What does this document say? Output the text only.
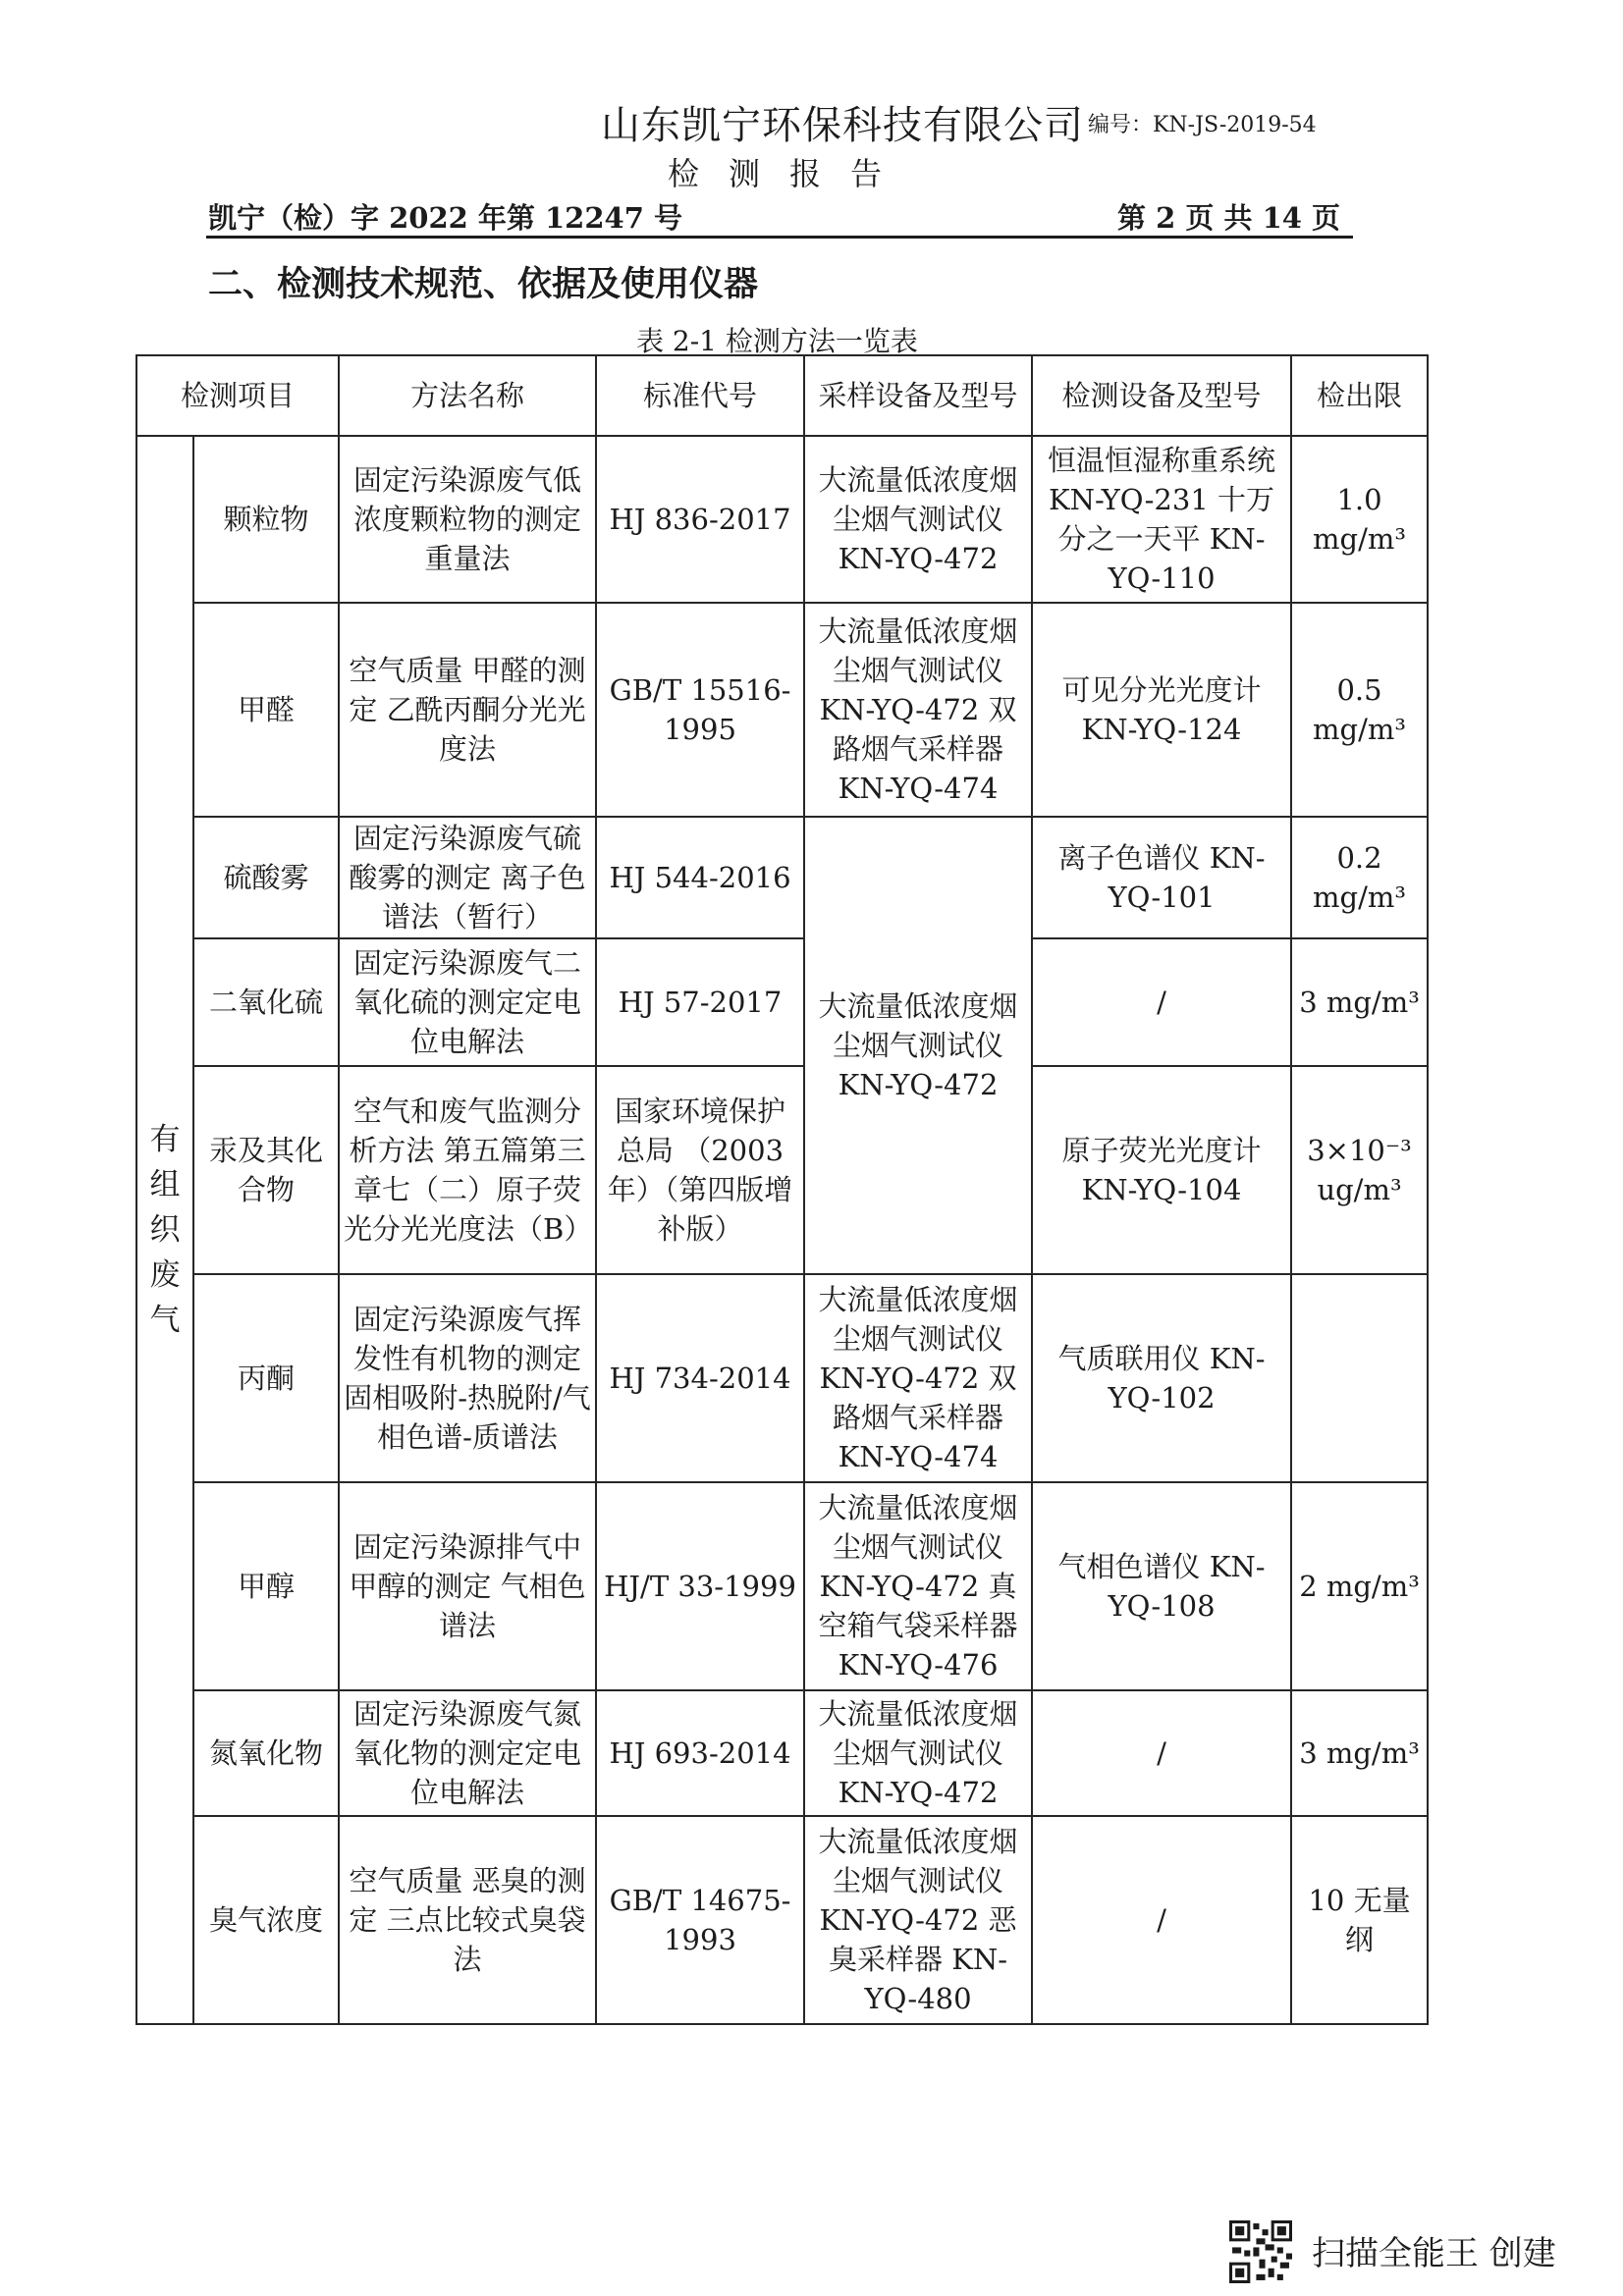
山东凯宁环保科技有限公司 编号：KN-JS-2019-54
检测报告
凯宁（检）字 2022 年第 12247 号	第 2 页 共 14 页
二、检测技术规范、依据及使用仪器
表 2-1 检测方法一览表
检测项目		方法名称	标准代号	采样设备及型号	检测设备及型号	检出限

有组织废气	颗粒物	固定污染源废气低浓度颗粒物的测定 重量法	HJ 836-2017	大流量低浓度烟尘烟气测试仪 KN-YQ-472	恒温恒湿称重系统 KN-YQ-231 十万分之一天平 KN-YQ-110	1.0 mg/m³
	甲醛	空气质量 甲醛的测定 乙酰丙酮分光光度法	GB/T 15516-1995	大流量低浓度烟尘烟气测试仪 KN-YQ-472 双路烟气采样器 KN-YQ-474	可见分光光度计 KN-YQ-124	0.5 mg/m³
	硫酸雾	固定污染源废气硫酸雾的测定 离子色谱法（暂行）	HJ 544-2016	大流量低浓度烟尘烟气测试仪 KN-YQ-472	离子色谱仪 KN-YQ-101	0.2 mg/m³
	二氧化硫	固定污染源废气二氧化硫的测定定电位电解法	HJ 57-2017		/	3 mg/m³
	汞及其化合物	空气和废气监测分析方法 第五篇第三章七（二）原子荧光分光光度法（B）	国家环境保护总局 （2003年）（第四版增补版）		原子荧光光度计 KN-YQ-104	3×10⁻³ ug/m³
	丙酮	固定污染源废气挥发性有机物的测定 固相吸附-热脱附/气相色谱-质谱法	HJ 734-2014	大流量低浓度烟尘烟气测试仪 KN-YQ-472 双路烟气采样器 KN-YQ-474	气质联用仪 KN-YQ-102	
	甲醇	固定污染源排气中甲醇的测定 气相色谱法	HJ/T 33-1999	大流量低浓度烟尘烟气测试仪 KN-YQ-472 真空箱气袋采样器 KN-YQ-476	气相色谱仪 KN-YQ-108	2 mg/m³
	氮氧化物	固定污染源废气氮氧化物的测定定电位电解法	HJ 693-2014	大流量低浓度烟尘烟气测试仪 KN-YQ-472	/	3 mg/m³
	臭气浓度	空气质量 恶臭的测定 三点比较式臭袋法	GB/T 14675-1993	大流量低浓度烟尘烟气测试仪 KN-YQ-472 恶臭采样器 KN-YQ-480	/	10 无量纲
扫描全能王 创建
